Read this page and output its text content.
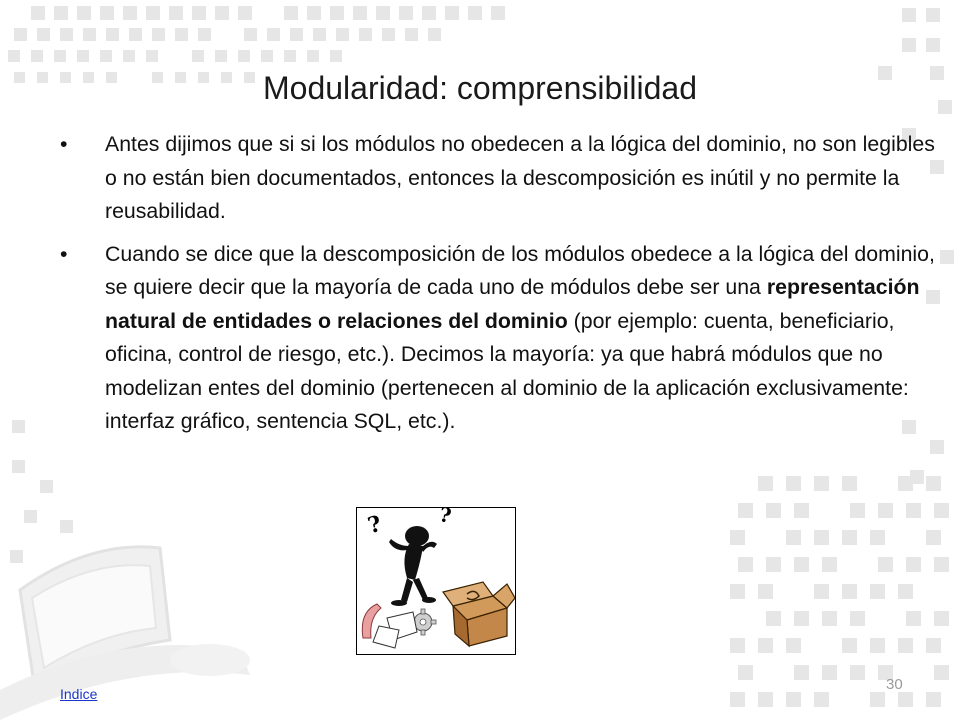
Modularidad: comprensibilidad
• Antes dijimos que si si los módulos no obedecen a la lógica del dominio, no son legibles o no están bien documentados, entonces la descomposición es inútil y no permite la reusabilidad.
• Cuando se dice que la descomposición de los módulos obedece a la lógica del dominio, se quiere decir que la mayoría de cada uno de módulos debe ser una representación natural de entidades o relaciones del dominio (por ejemplo: cuenta, beneficiario, oficina, control de riesgo, etc.). Decimos la mayoría: ya que habrá módulos que no modelizan entes del dominio (pertenecen al dominio de la aplicación exclusivamente: interfaz gráfico, sentencia SQL, etc.).
?	?
Indice
30
